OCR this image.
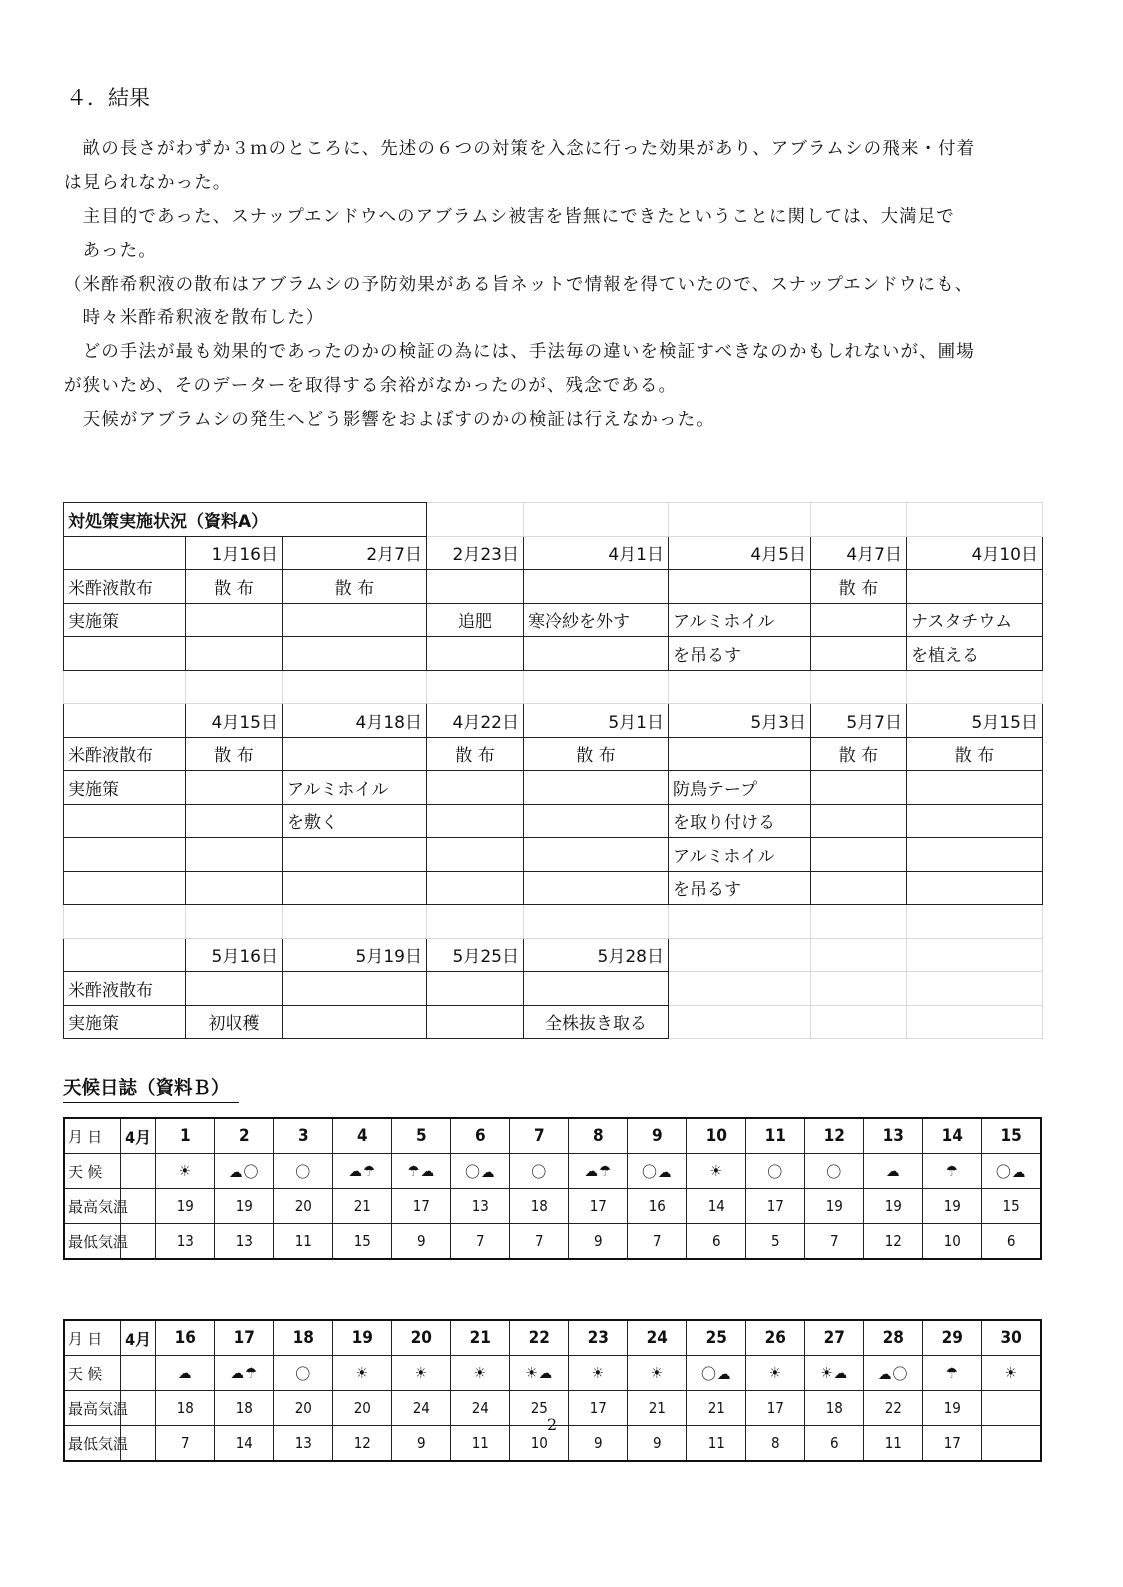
４．結果
　畝の長さがわずか３ｍのところに、先述の６つの対策を入念に行った効果があり、アブラムシの飛来・付着
は見られなかった。
　主目的であった、スナップエンドウへのアブラムシ被害を皆無にできたということに関しては、大満足で
　あった。
（米酢希釈液の散布はアブラムシの予防効果がある旨ネットで情報を得ていたので、スナップエンドウにも、
　時々米酢希釈液を散布した）
　どの手法が最も効果的であったのかの検証の為には、手法毎の違いを検証すべきなのかもしれないが、圃場
が狭いため、そのデーターを取得する余裕がなかったのが、残念である。
　天候がアブラムシの発生へどう影響をおよぼすのかの検証は行えなかった。
対処策実施状況（資料A）							
	1月16日	2月7日	2月23日	4月1日	4月5日	4月7日	4月10日
米酢液散布	散 布	散 布				散 布	
実施策			追肥	寒冷紗を外す	アルミホイル		ナスタチウム
					を吊るす		を植える

	4月15日	4月18日	4月22日	5月1日	5月3日	5月7日	5月15日
米酢液散布	散 布		散 布	散 布		散 布	散 布
実施策		アルミホイル			防鳥テープ		
		を敷く			を取り付ける		
					アルミホイル		
					を吊るす		

	5月16日	5月19日	5月25日	5月28日			
米酢液散布							
実施策	初収穫			全株抜き取る			
天候日誌（資料Ｂ）
月 日	4月	1	2	3	4	5	6	7	8	9	10	11	12	13	14	15
天 候		☀	☁〇	〇	☁☂	☂☁	〇☁	〇	☁☂	〇☁	☀	〇	〇	☁	☂	〇☁
最高気温		19	19	20	21	17	13	18	17	16	14	17	19	19	19	15
最低気温		13	13	11	15	9	7	7	9	7	6	5	7	12	10	6
月 日	4月	16	17	18	19	20	21	22	23	24	25	26	27	28	29	30
天 候		☁	☁☂	〇	☀	☀	☀	☀☁	☀	☀	〇☁	☀	☀☁	☁〇	☂	☀
最高気温		18	18	20	20	24	24	25	17	21	21	17	18	22	19	
最低気温		7	14	13	12	9	11	10	9	9	11	8	6	11	17	
2
